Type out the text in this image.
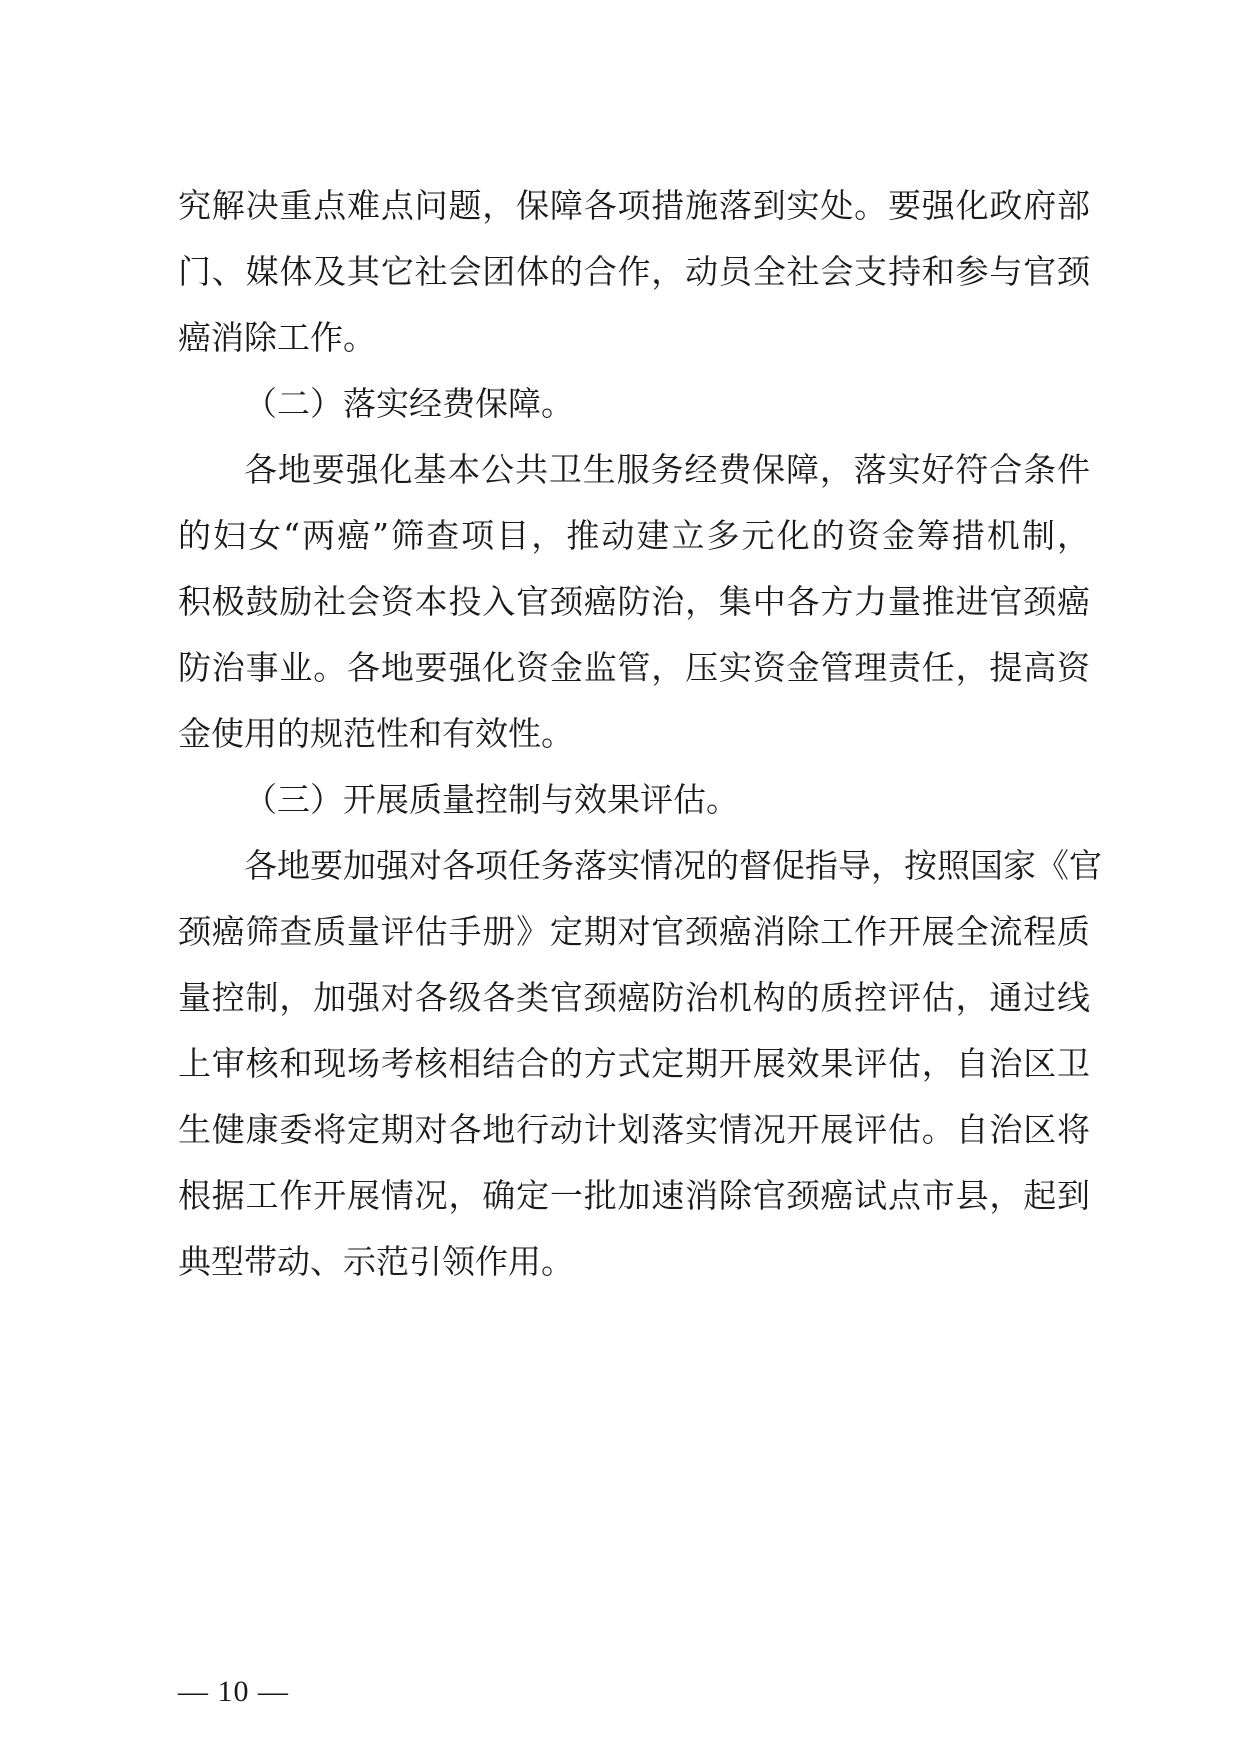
究解决重点难点问题，保障各项措施落到实处。要强化政府部
门、媒体及其它社会团体的合作，动员全社会支持和参与官颈
癌消除工作。
（二）落实经费保障。
各地要强化基本公共卫生服务经费保障，落实好符合条件
的妇女“两癌”筛查项目，推动建立多元化的资金筹措机制，
积极鼓励社会资本投入官颈癌防治，集中各方力量推进官颈癌
防治事业。各地要强化资金监管，压实资金管理责任，提高资
金使用的规范性和有效性。
（三）开展质量控制与效果评估。
各地要加强对各项任务落实情况的督促指导，按照国家《官
颈癌筛查质量评估手册》定期对官颈癌消除工作开展全流程质
量控制，加强对各级各类官颈癌防治机构的质控评估，通过线
上审核和现场考核相结合的方式定期开展效果评估，自治区卫
生健康委将定期对各地行动计划落实情况开展评估。自治区将
根据工作开展情况，确定一批加速消除官颈癌试点市县，起到
典型带动、示范引领作用。
— 10 —
